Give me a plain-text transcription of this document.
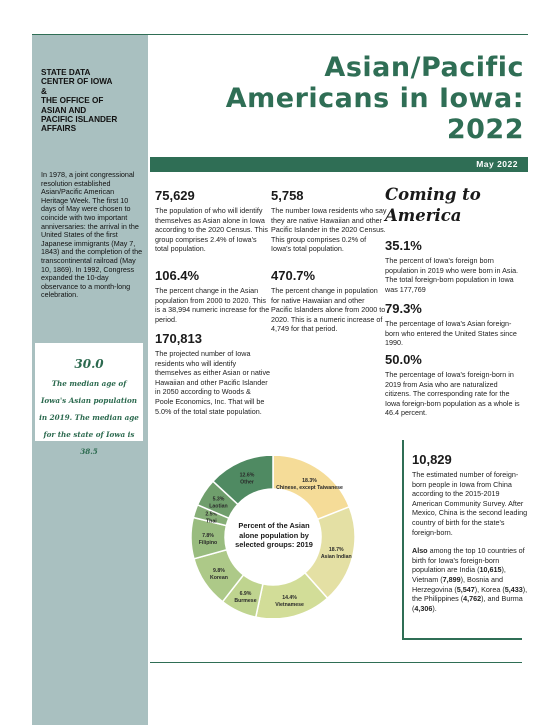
STATE DATA
CENTER OF IOWA
&
THE OFFICE OF
ASIAN AND
PACIFIC ISLANDER
AFFAIRS
In 1978, a joint congressional resolution established Asian/Pacific American Heritage Week. The first 10 days of May were chosen to coincide with two important anniversaries: the arrival in the United States of the first Japanese immigrants (May 7, 1843) and the completion of the transcontinental railroad (May 10, 1869). In 1992, Congress expanded the 10-day observance to a month-long celebration.
30.0
The median age of Iowa's Asian population in 2019. The median age for the state of Iowa is 38.5
Asian/Pacific
Americans in Iowa:
2022
May 2022
75,629
The population of who will identify themselves as Asian alone in Iowa according to the 2020 Census. This group comprises 2.4% of Iowa's total population.
106.4%
The percent change in the Asian population from 2000 to 2020. This is a 38,994 numeric increase for the period.
170,813
The projected number of Iowa residents who will identify themselves as either Asian or native Hawaiian and other Pacific Islander in 2050 according to Woods & Poole Economics, Inc. That will be 5.0% of the total state population.
5,758
The number Iowa residents who say they are native Hawaiian and other Pacific Islander in the 2020 Census. This group comprises 0.2% of Iowa's total population.
470.7%
The percent change in population for native Hawaiian and other Pacific Islanders alone from 2000 to 2020. This is a numeric increase of 4,749 for that period.
Coming to America
35.1%
The percent of Iowa's foreign born population in 2019 who were born in Asia. The total foreign-born population in Iowa was 177,769
79.3%
The percentage of Iowa's Asian foreign-born who entered the United States since 1990.
50.0%
The percentage of Iowa's foreign-born in 2019 from Asia who are naturalized citizens. The corresponding rate for the Iowa foreign-born population as a whole is 46.4 percent.
18.3%
Chinese, except Taiwanese
18.7%
Asian Indian
14.4%
Vietnamese
6.9%
Burmese
9.8%
Korean
7.8%
Filipino
2.5%
Thai
5.3%
Laotian
12.6%
Other
Percent of the Asian alone population by selected groups: 2019
10,829
The estimated number of foreign-born people in Iowa from China according to the 2015-2019 American Community Survey. After Mexico, China is the second leading country of birth for the state's foreign-born.
Also among the top 10 countries of birth for Iowa's foreign-born population are India (10,615), Vietnam (7,899), Bosnia and Herzegovina (5,547), Korea (5,433), the Philippines (4,762), and Burma (4,306).
